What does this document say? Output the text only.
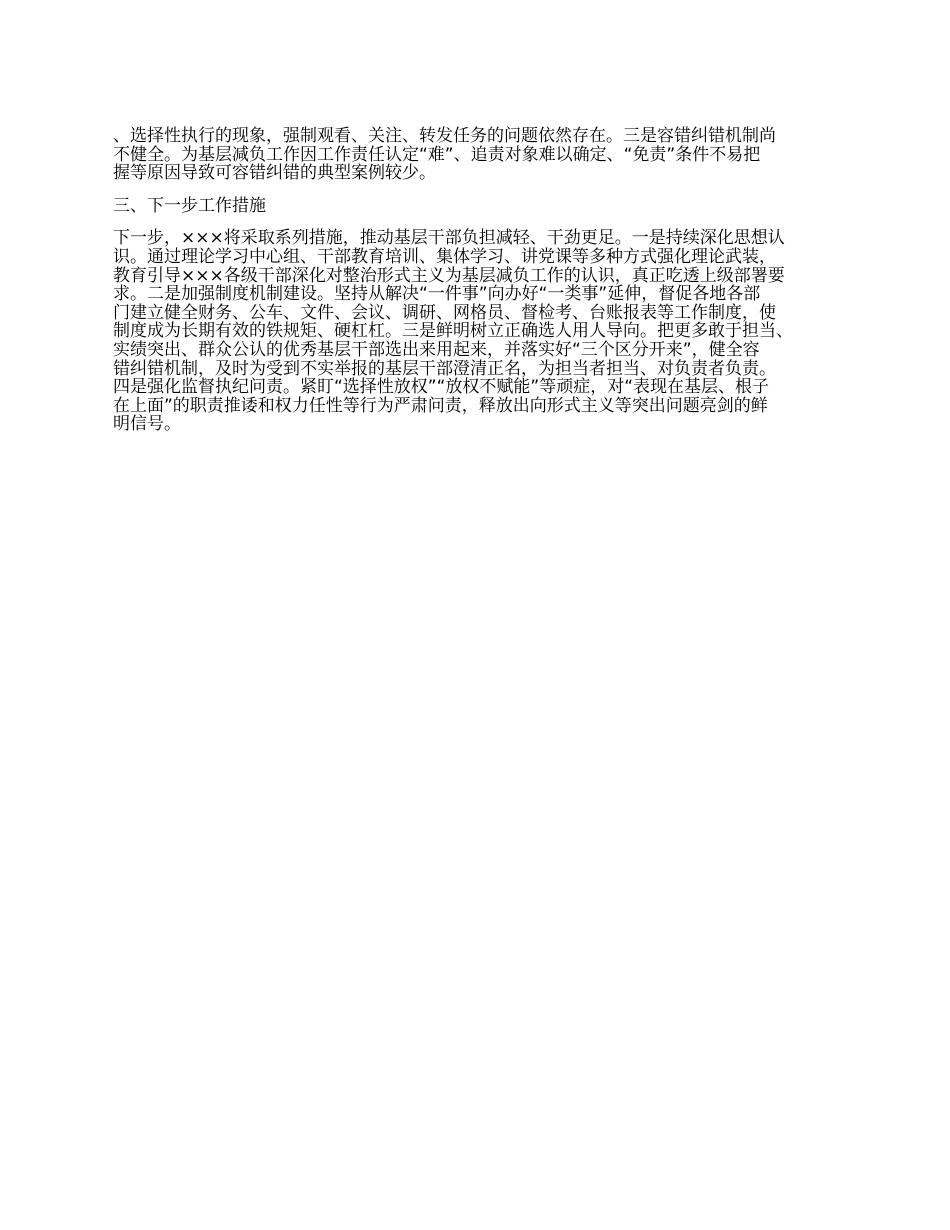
、选择性执行的现象，强制观看、关注、转发任务的问题依然存在。三是容错纠错机制尚
不健全。为基层减负工作因工作责任认定“难”、追责对象难以确定、“免责”条件不易把
握等原因导致可容错纠错的典型案例较少。
三、下一步工作措施
下一步，×××将采取系列措施，推动基层干部负担减轻、干劲更足。一是持续深化思想认
识。通过理论学习中心组、干部教育培训、集体学习、讲党课等多种方式强化理论武装，
教育引导×××各级干部深化对整治形式主义为基层减负工作的认识，真正吃透上级部署要
求。二是加强制度机制建设。坚持从解决“一件事”向办好“一类事”延伸，督促各地各部
门建立健全财务、公车、文件、会议、调研、网格员、督检考、台账报表等工作制度，使
制度成为长期有效的铁规矩、硬杠杠。三是鲜明树立正确选人用人导向。把更多敢于担当、
实绩突出、群众公认的优秀基层干部选出来用起来，并落实好“三个区分开来”，健全容
错纠错机制，及时为受到不实举报的基层干部澄清正名，为担当者担当、对负责者负责。
四是强化监督执纪问责。紧盯“选择性放权”“放权不赋能”等顽症，对“表现在基层、根子
在上面”的职责推诿和权力任性等行为严肃问责，释放出向形式主义等突出问题亮剑的鲜
明信号。
